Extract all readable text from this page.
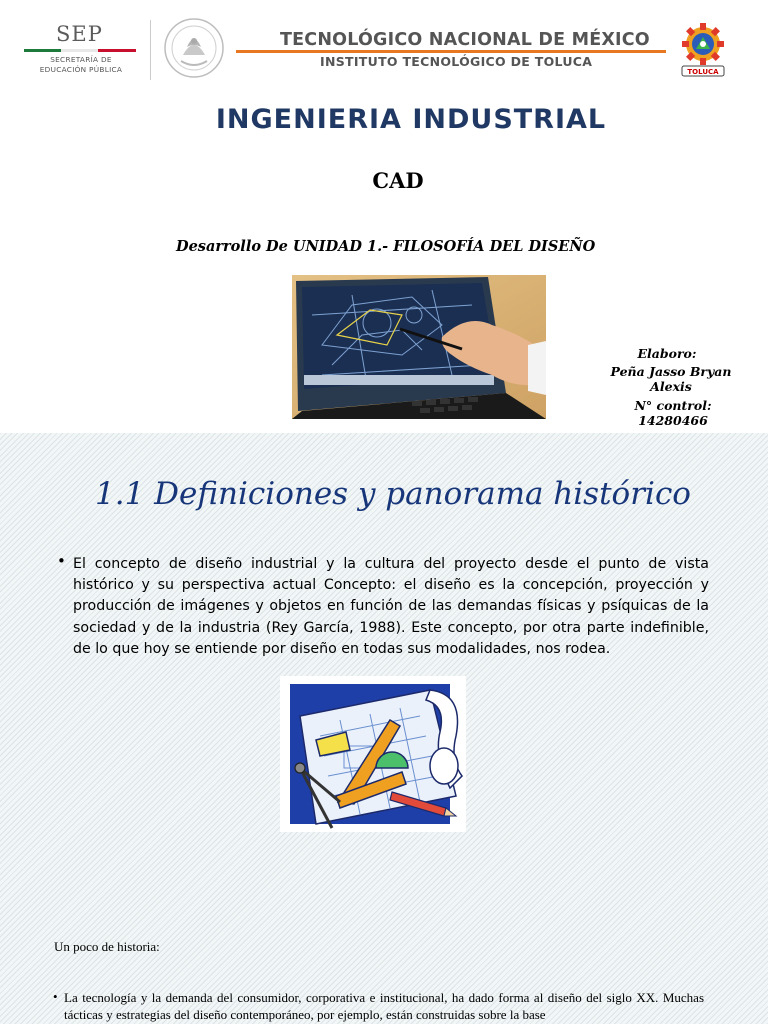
SEP
SECRETARÍA DE
EDUCACIÓN PÚBLICA
TECNOLÓGICO NACIONAL DE MÉXICO
INSTITUTO TECNOLÓGICO DE TOLUCA
TOLUCA
INGENIERIA INDUSTRIAL
CAD
Desarrollo De UNIDAD 1.- FILOSOFÍA DEL DISEÑO
Elaboro:
Peña Jasso Bryan Alexis
N° control: 14280466
1.1 Definiciones y panorama histórico
• El concepto de diseño industrial y la cultura del proyecto desde el punto de vista histórico y su perspectiva actual Concepto: el diseño es la concepción, proyección y producción de imágenes y objetos en función de las demandas físicas y psíquicas de la sociedad y de la industria (Rey García, 1988). Este concepto, por otra parte indefinible, de lo que hoy se entiende por diseño en todas sus modalidades, nos rodea.
Un poco de historia:
• La tecnología y la demanda del consumidor, corporativa e institucional, ha dado forma al diseño del siglo XX. Muchas tácticas y estrategias del diseño contemporáneo, por ejemplo, están construidas sobre la base
